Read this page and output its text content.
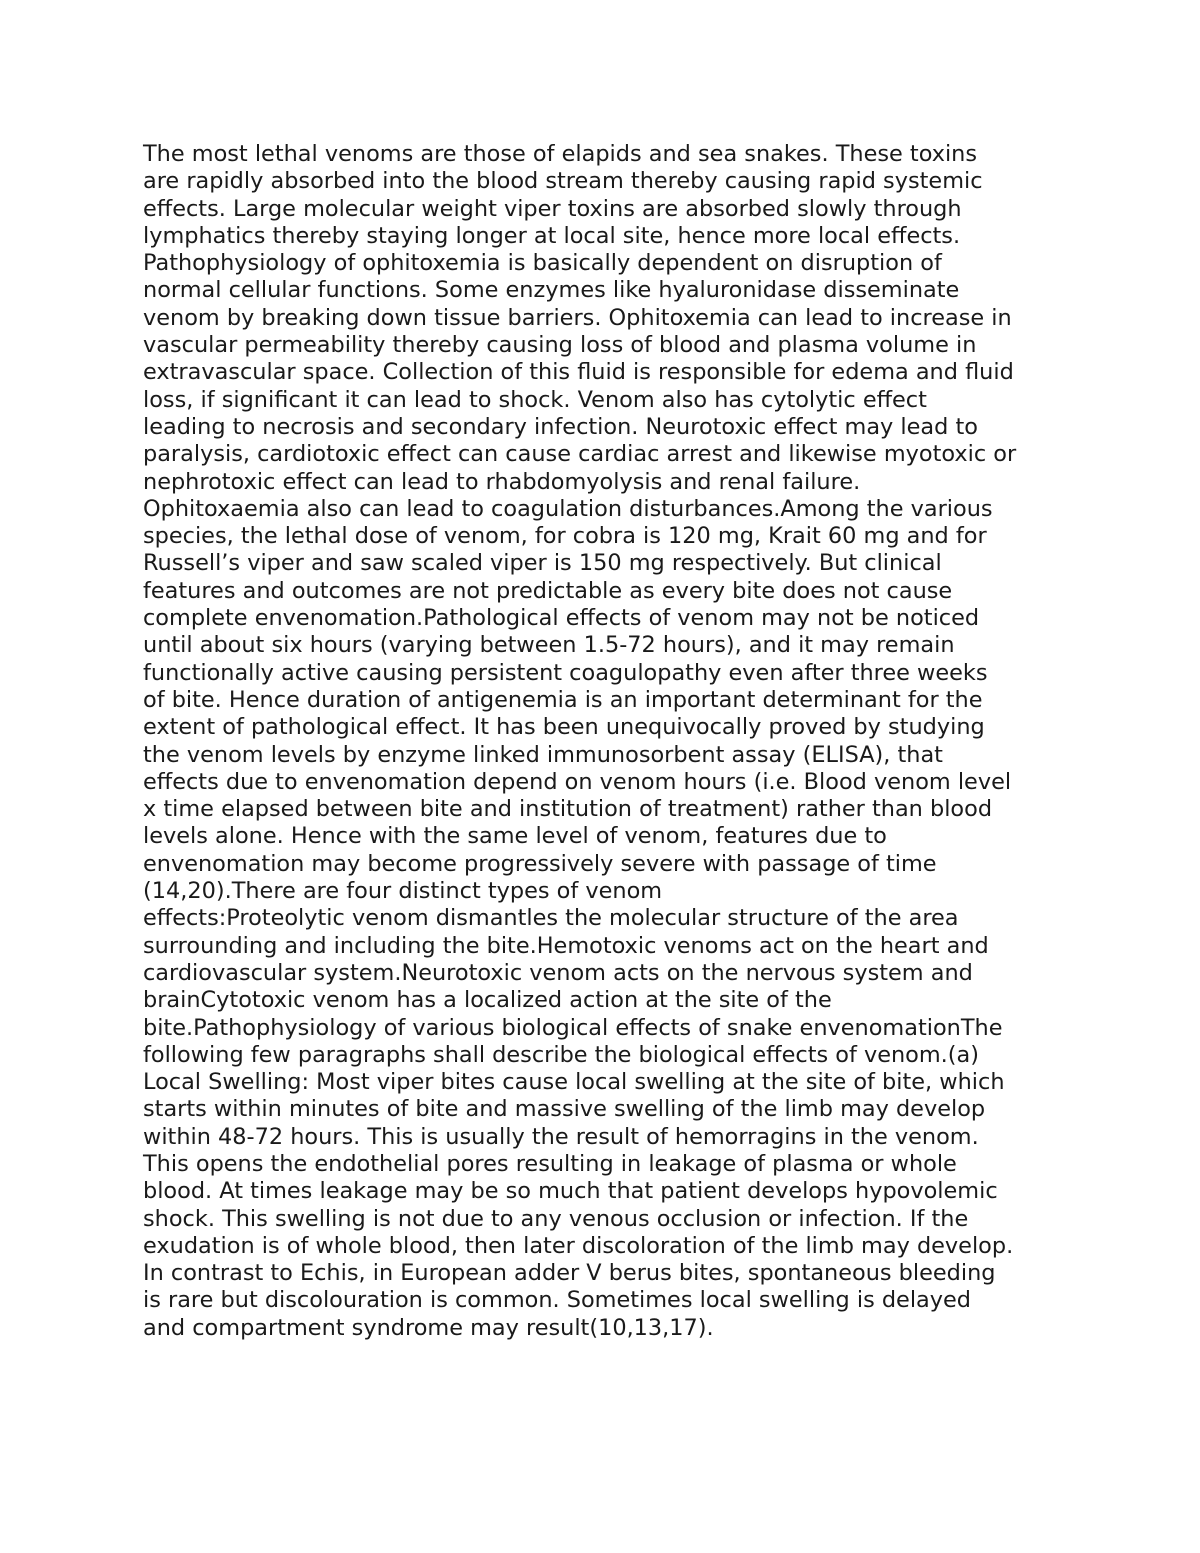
The most lethal venoms are those of elapids and sea snakes. These toxins
are rapidly absorbed into the blood stream thereby causing rapid systemic
effects. Large molecular weight viper toxins are absorbed slowly through
lymphatics thereby staying longer at local site, hence more local effects.
Pathophysiology of ophitoxemia is basically dependent on disruption of
normal cellular functions. Some enzymes like hyaluronidase disseminate
venom by breaking down tissue barriers. Ophitoxemia can lead to increase in
vascular permeability thereby causing loss of blood and plasma volume in
extravascular space. Collection of this fluid is responsible for edema and fluid
loss, if significant it can lead to shock. Venom also has cytolytic effect
leading to necrosis and secondary infection. Neurotoxic effect may lead to
paralysis, cardiotoxic effect can cause cardiac arrest and likewise myotoxic or
nephrotoxic effect can lead to rhabdomyolysis and renal failure.
Ophitoxaemia also can lead to coagulation disturbances.Among the various
species, the lethal dose of venom, for cobra is 120 mg, Krait 60 mg and for
Russell’s viper and saw scaled viper is 150 mg respectively. But clinical
features and outcomes are not predictable as every bite does not cause
complete envenomation.Pathological effects of venom may not be noticed
until about six hours (varying between 1.5-72 hours), and it may remain
functionally active causing persistent coagulopathy even after three weeks
of bite. Hence duration of antigenemia is an important determinant for the
extent of pathological effect. It has been unequivocally proved by studying
the venom levels by enzyme linked immunosorbent assay (ELISA), that
effects due to envenomation depend on venom hours (i.e. Blood venom level
x time elapsed between bite and institution of treatment) rather than blood
levels alone. Hence with the same level of venom, features due to
envenomation may become progressively severe with passage of time
(14,20).There are four distinct types of venom
effects:Proteolytic venom dismantles the molecular structure of the area
surrounding and including the bite.Hemotoxic venoms act on the heart and
cardiovascular system.Neurotoxic venom acts on the nervous system and
brainCytotoxic venom has a localized action at the site of the
bite.Pathophysiology of various biological effects of snake envenomationThe
following few paragraphs shall describe the biological effects of venom.(a)
Local Swelling: Most viper bites cause local swelling at the site of bite, which
starts within minutes of bite and massive swelling of the limb may develop
within 48-72 hours. This is usually the result of hemorragins in the venom.
This opens the endothelial pores resulting in leakage of plasma or whole
blood. At times leakage may be so much that patient develops hypovolemic
shock. This swelling is not due to any venous occlusion or infection. If the
exudation is of whole blood, then later discoloration of the limb may develop.
In contrast to Echis, in European adder V berus bites, spontaneous bleeding
is rare but discolouration is common. Sometimes local swelling is delayed
and compartment syndrome may result(10,13,17).
